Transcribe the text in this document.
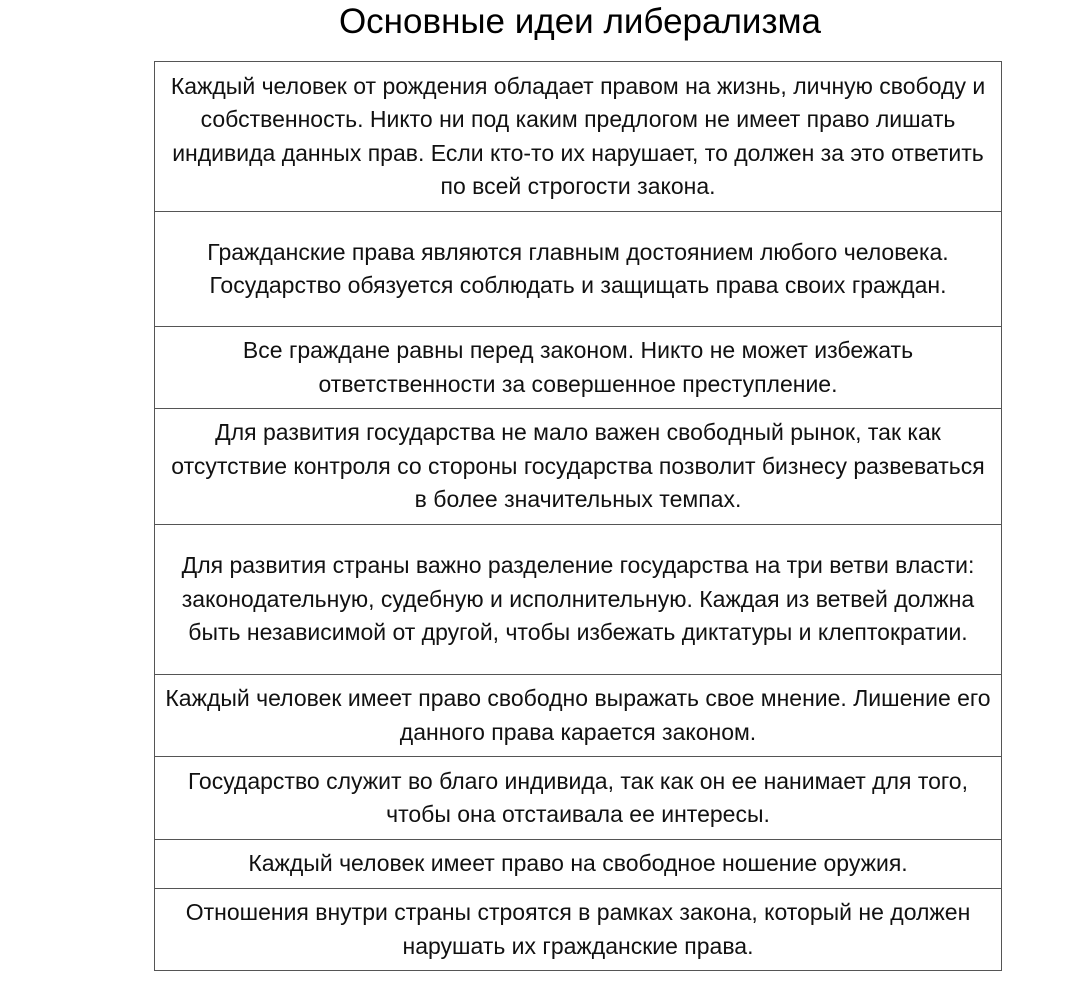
Основные идеи либерализма
Каждый человек от рождения обладает правом на жизнь, личную свободу и собственность. Никто ни под каким предлогом не имеет право лишать индивида данных прав. Если кто-то их нарушает, то должен за это ответить по всей строгости закона.
Гражданские права являются главным достоянием любого человека. Государство обязуется соблюдать и защищать права своих граждан.
Все граждане равны перед законом. Никто не может избежать ответственности за совершенное преступление.
Для развития государства не мало важен свободный рынок, так как отсутствие контроля со стороны государства позволит бизнесу развеваться в более значительных темпах.
Для развития страны важно разделение государства на три ветви власти: законодательную, судебную и исполнительную. Каждая из ветвей должна быть независимой от другой, чтобы избежать диктатуры и клептократии.
Каждый человек имеет право свободно выражать свое мнение. Лишение его данного права карается законом.
Государство служит во благо индивида, так как он ее нанимает для того, чтобы она отстаивала ее интересы.
Каждый человек имеет право на свободное ношение оружия.
Отношения внутри страны строятся в рамках закона, который не должен нарушать их гражданские права.
